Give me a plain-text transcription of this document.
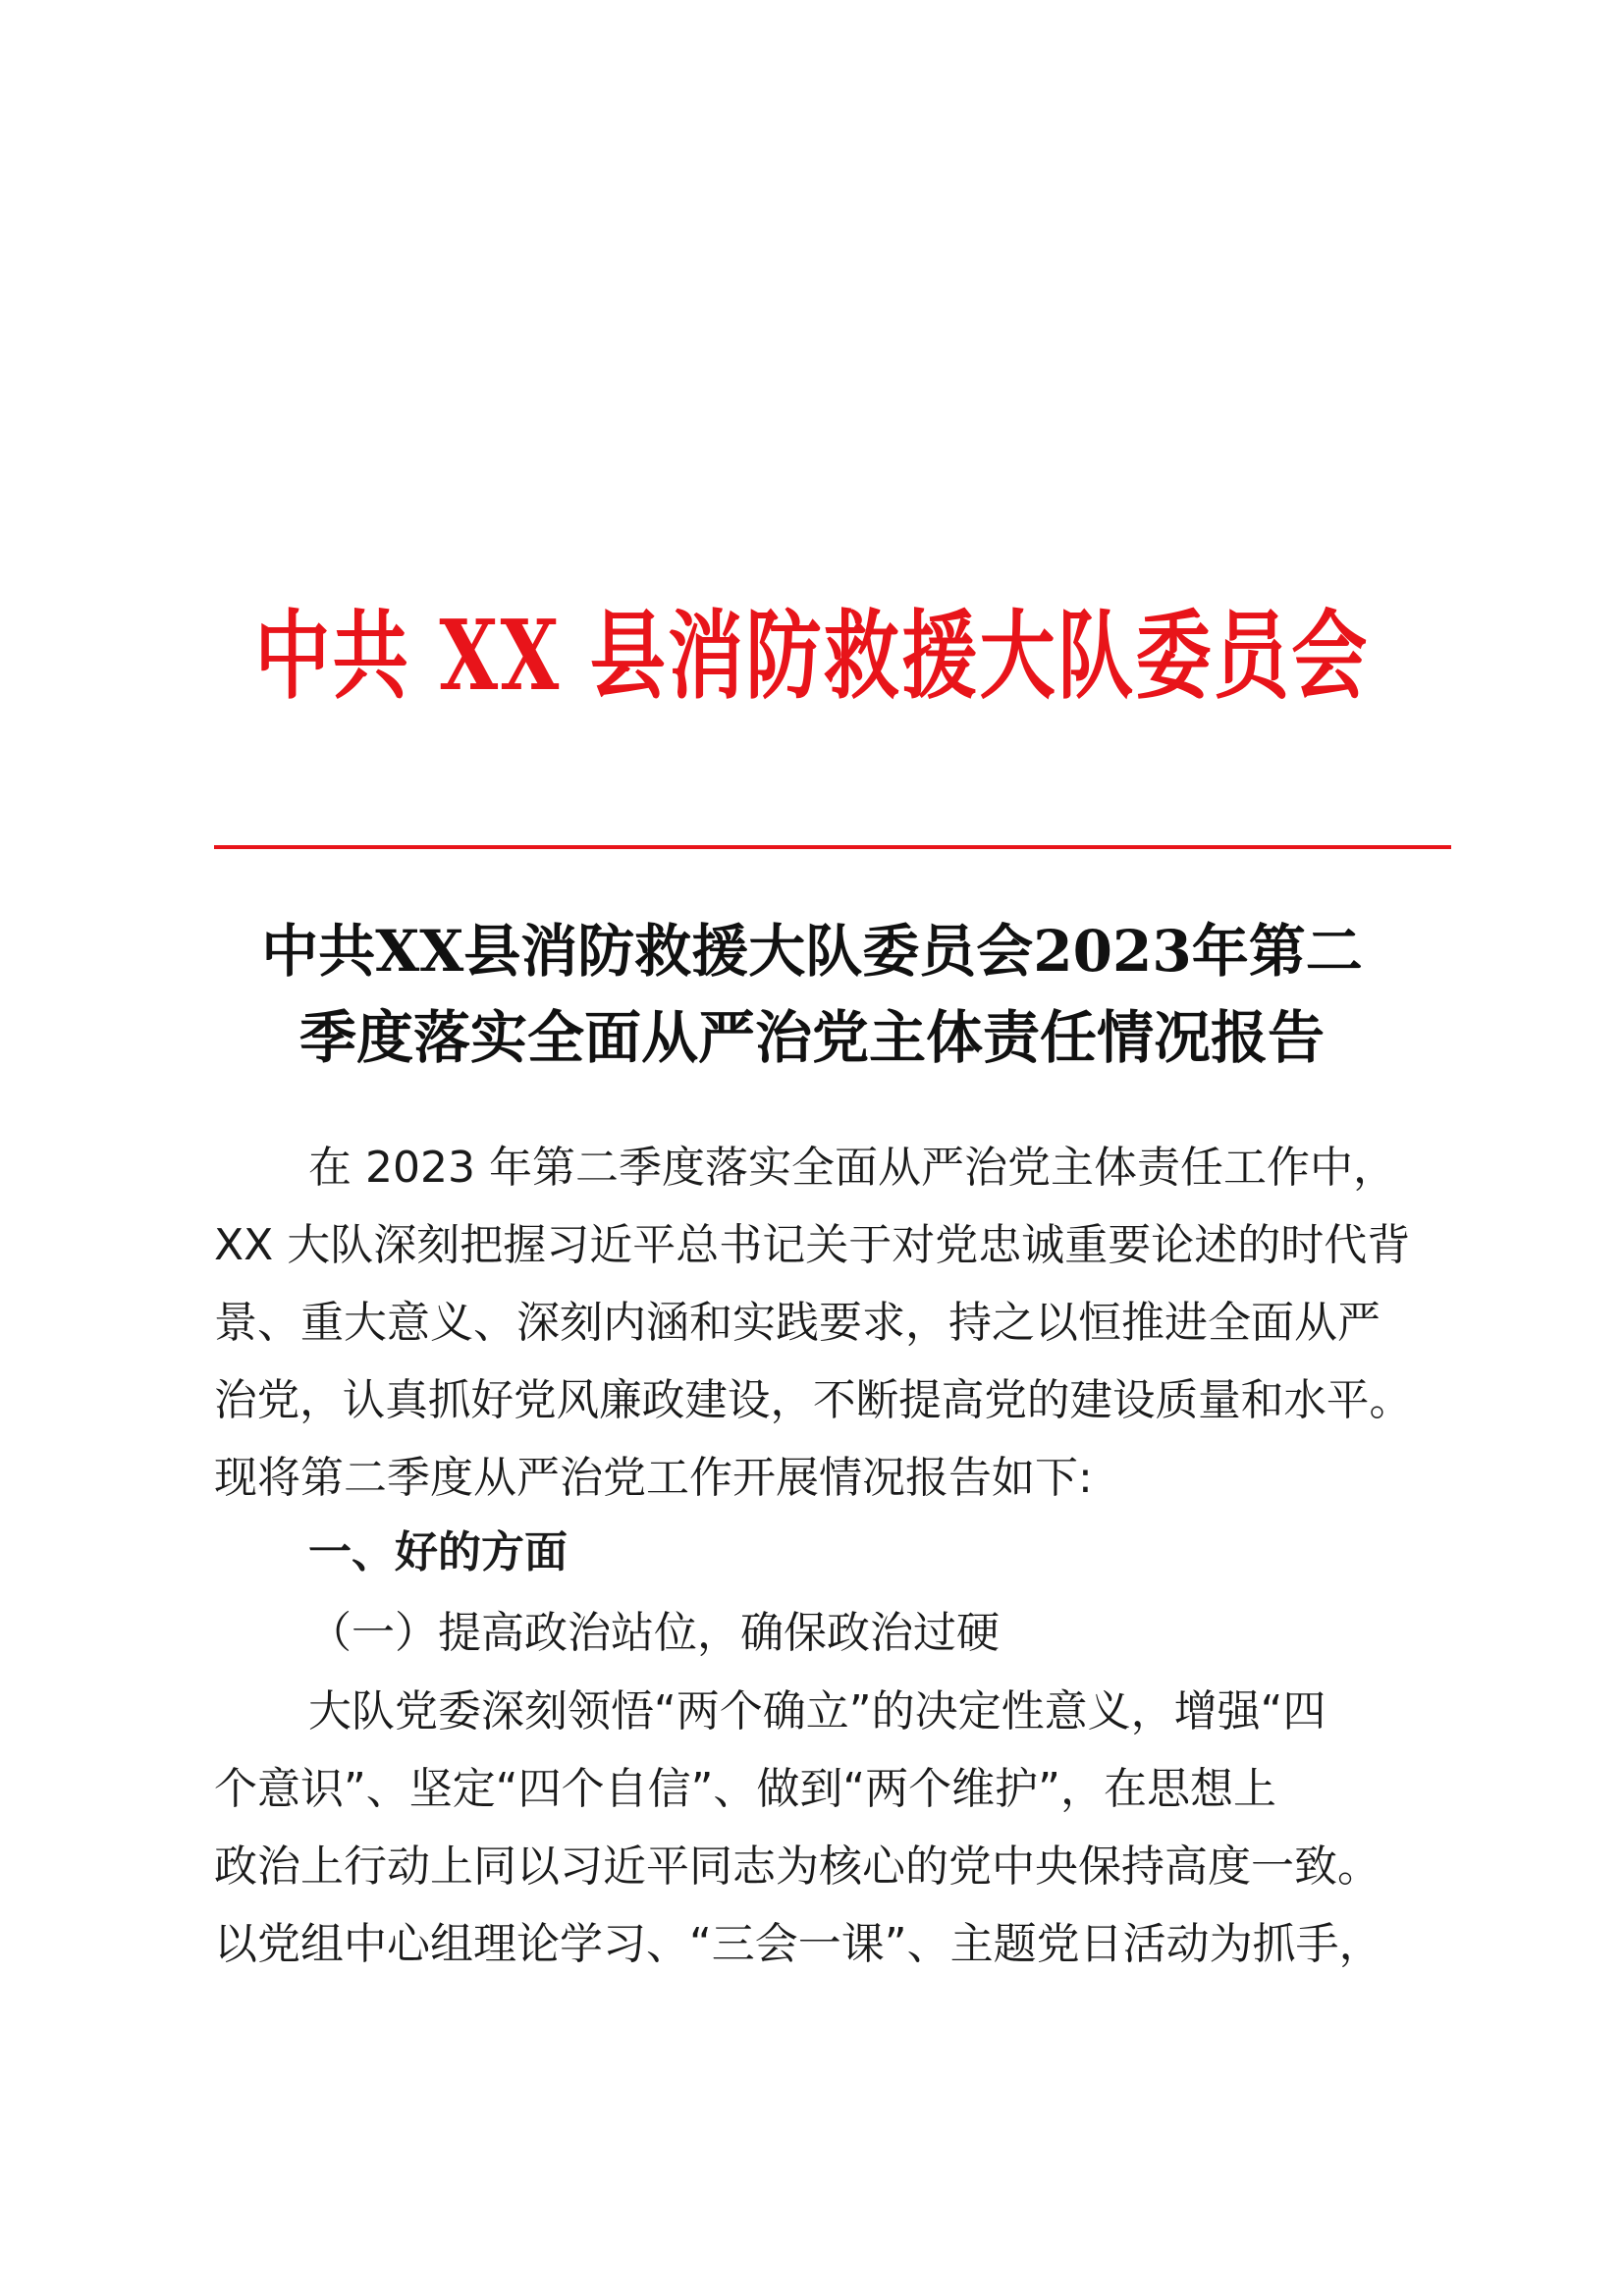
中共 XX 县消防救援大队委员会
中共XX县消防救援大队委员会2023年第二
季度落实全面从严治党主体责任情况报告
在 2023 年第二季度落实全面从严治党主体责任工作中，
XX 大队深刻把握习近平总书记关于对党忠诚重要论述的时代背
景、重大意义、深刻内涵和实践要求，持之以恒推进全面从严
治党，认真抓好党风廉政建设，不断提高党的建设质量和水平。
现将第二季度从严治党工作开展情况报告如下:
一、好的方面
（一）提高政治站位，确保政治过硬
大队党委深刻领悟“两个确立”的决定性意义，增强“四
个意识”、坚定“四个自信”、做到“两个维护”，在思想上
政治上行动上同以习近平同志为核心的党中央保持高度一致。
以党组中心组理论学习、“三会一课”、主题党日活动为抓手，
